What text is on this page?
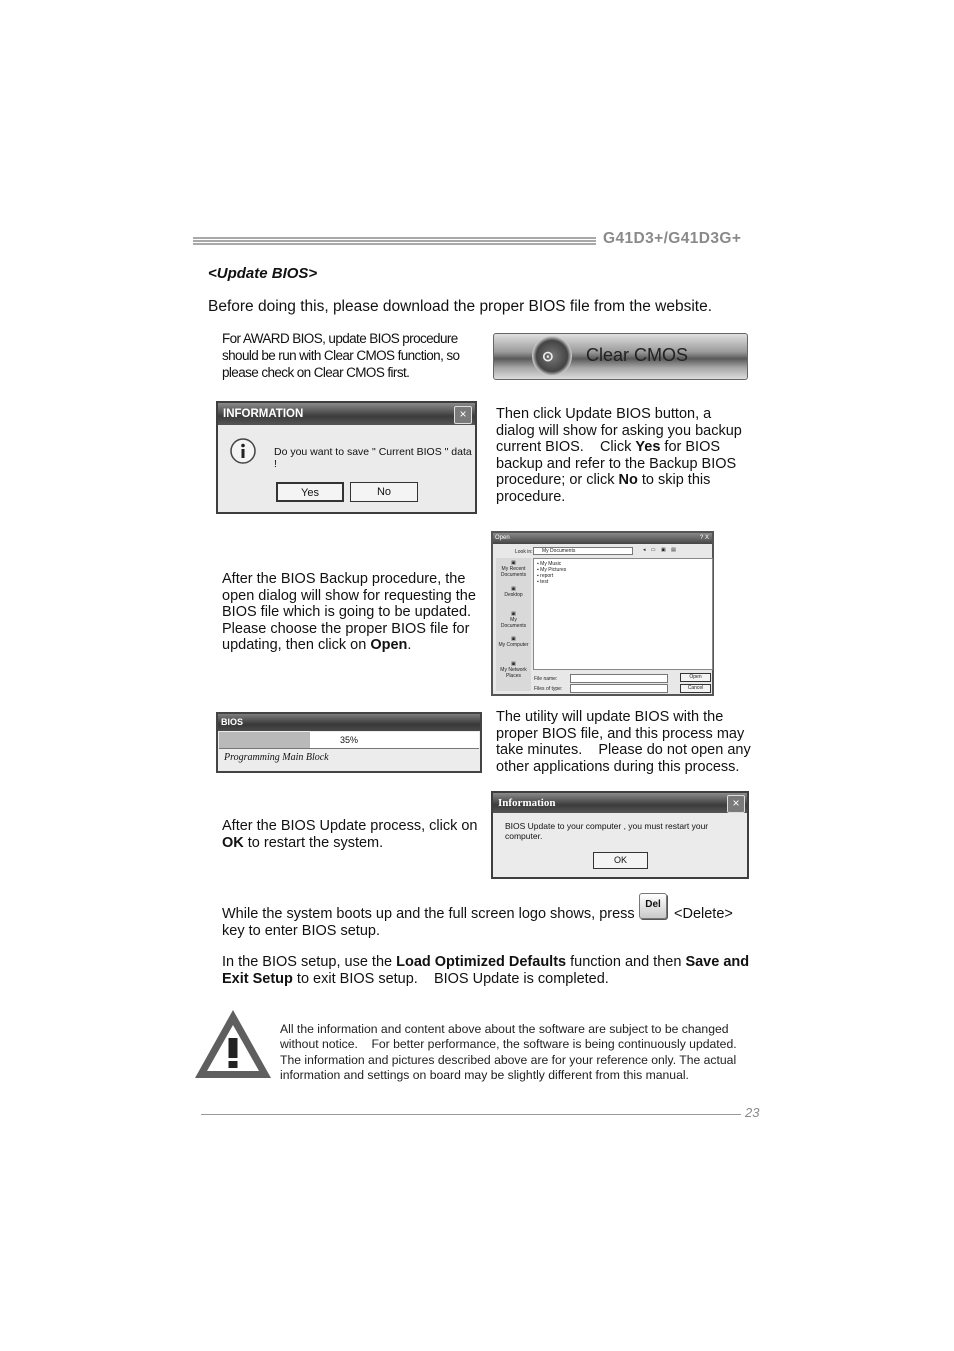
G41D3+/G41D3G+
<Update BIOS>
Before doing this, please download the proper BIOS file from the website.
For AWARD BIOS, update BIOS procedure
should be run with Clear CMOS function, so
please check on Clear CMOS first.
⊙ Clear CMOS
INFORMATION	×
Do you want to save " Current BIOS " data !
Yes	No
Then click Update BIOS button, a
dialog will show for asking you backup
current BIOS.    Click Yes for BIOS
backup and refer to the Backup BIOS
procedure; or click No to skip this
procedure.
Open	? X
Look in:	My Documents	◂ ▭ ▣ ▤
▣
My Recent Documents
▣
Desktop
▣
My Documents
▣
My Computer
▣
My Network Places
▪ My Music
▪ My Pictures
▪ report
▪ test
File name:
Files of type:
Open
Cancel
After the BIOS Backup procedure, the
open dialog will show for requesting the
BIOS file which is going to be updated.
Please choose the proper BIOS file for
updating, then click on Open.
BIOS
35%
Programming Main Block
The utility will update BIOS with the
proper BIOS file, and this process may
take minutes.    Please do not open any
other applications during this process.
Information	×
BIOS Update to your computer , you must restart your computer.
OK
After the BIOS Update process, click on
OK to restart the system.
While the system boots up and the full screen logo shows, press
Del
<Delete>
key to enter BIOS setup.
In the BIOS setup, use the Load Optimized Defaults function and then Save and
Exit Setup to exit BIOS setup.    BIOS Update is completed.
All the information and content above about the software are subject to be changed
without notice.    For better performance, the software is being continuously updated.
The information and pictures described above are for your reference only. The actual
information and settings on board may be slightly different from this manual.
23
